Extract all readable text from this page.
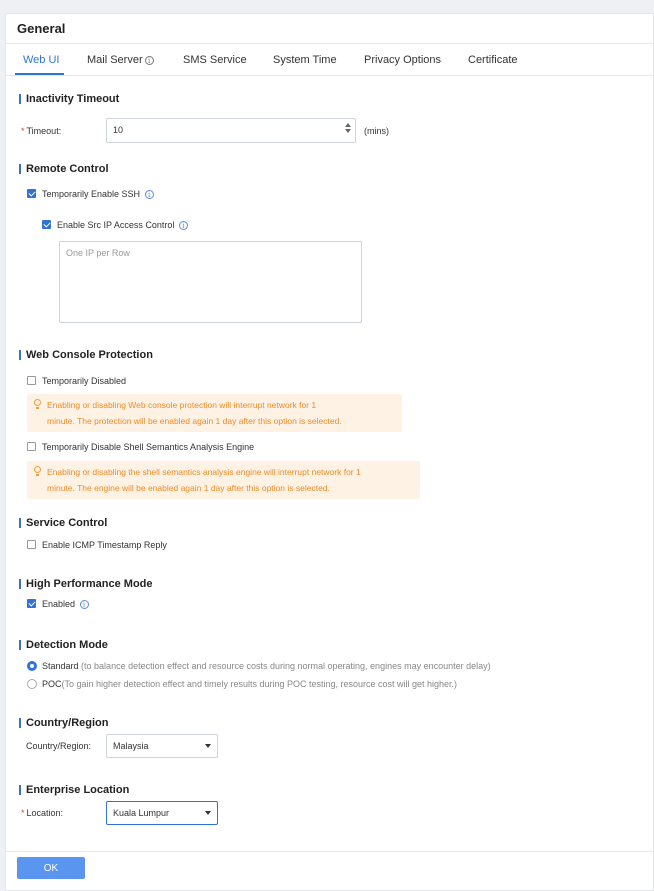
General
Web UI	Mail Server i	SMS Service System Time Privacy Options Certificate
Inactivity Timeout
* Timeout:	10	(mins)
Remote Control
Temporarily Enable SSH i
Enable Src IP Access Control i
One IP per Row
Web Console Protection
Temporarily Disabled
Enabling or disabling Web console protection will interrupt network for 1
minute. The protection will be enabled again 1 day after this option is selected.
Temporarily Disable Shell Semantics Analysis Engine
Enabling or disabling the shell semantics analysis engine will interrupt network for 1
minute. The engine will be enabled again 1 day after this option is selected.
Service Control
Enable ICMP Timestamp Reply
High Performance Mode
Enabled i
Detection Mode
Standard (to balance detection effect and resource costs during normal operating, engines may encounter delay)
POC(To gain higher detection effect and timely results during POC testing, resource cost will get higher.)
Country/Region
Country/Region:	Malaysia
Enterprise Location
* Location:	Kuala Lumpur
OK
